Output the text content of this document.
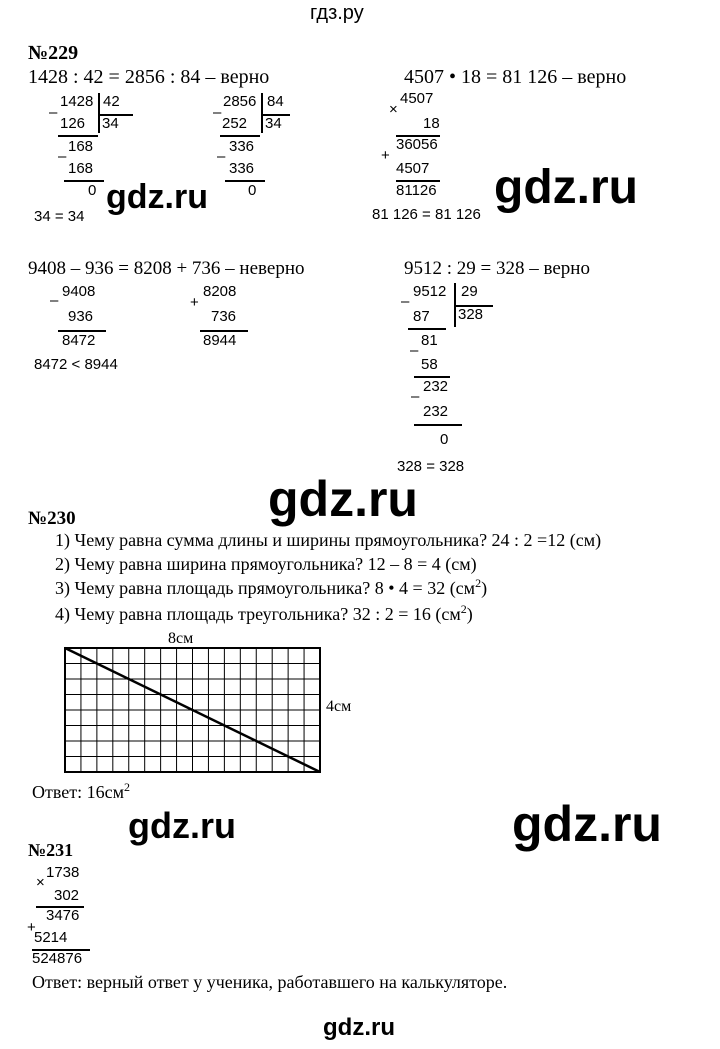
гдз.ру
№229
1428 : 42 = 2856 : 84 – верно	4507 • 18 = 81 126 – верно
–
1428 42
34
126
–
168
168
0
–
2856 84
34
252
–
336
336
0
34 = 34
×
4507
18
36056
+
4507
81126
81 126 = 81 126
gdz.ru	gdz.ru
9408 – 936 = 8208 + 736 – неверно	9512 : 29 = 328 – верно
–
9408
936
8472
+
8208
736
8944
8472 < 8944
–
9512 29
328
87
–
81
58
–
232
232
0
328 = 328
gdz.ru
№230
1) Чему равна сумма длины и ширины прямоугольника? 24 : 2 =12 (см)
2) Чему равна ширина прямоугольника? 12 – 8 = 4 (см)
3) Чему равна площадь прямоугольника? 8 • 4 = 32 $(см^2)$
4) Чему равна площадь треугольника? 32 : 2 = 16 $(см^2)$
8см
4см
Ответ: $16см^2$
gdz.ru	gdz.ru
№231
×
1738
302
3476
+
5214
524876
Ответ: верный ответ у ученика, работавшего на калькуляторе.
gdz.ru
